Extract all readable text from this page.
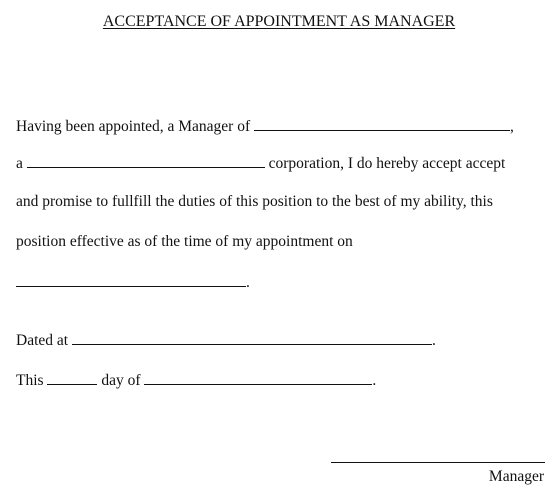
ACCEPTANCE OF APPOINTMENT AS MANAGER
Having been appointed, a Manager of	,
a	corporation, I do hereby accept accept
and promise to fullfill the duties of this position to the best of my ability, this
position effective as of the time of my appointment on
.
Dated at	.
This	day of	.
Manager
